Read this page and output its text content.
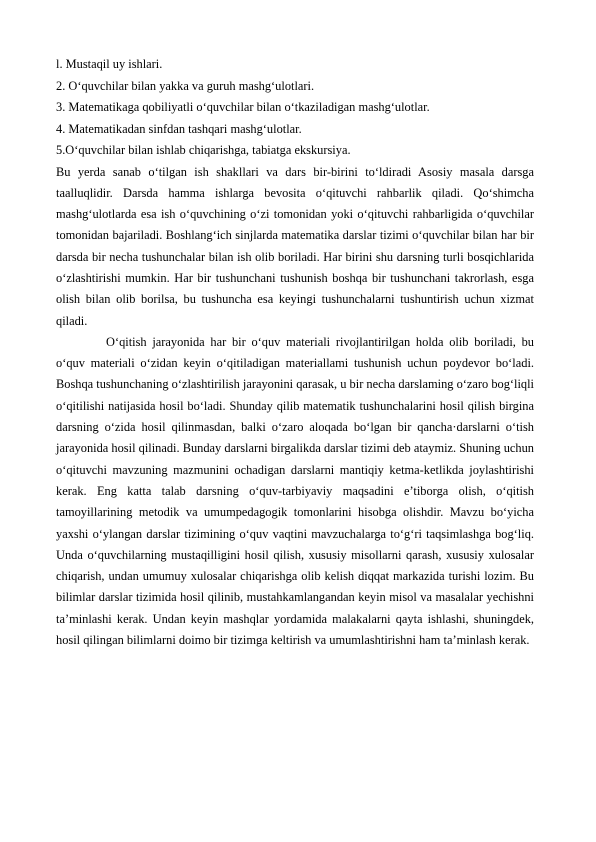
l. Mustaqil uy ishlari.
2. O‘quvchilar bilan yakka va guruh mashg‘ulotlari.
3. Matematikaga qobiliyatli o‘quvchilar bilan o‘tkaziladigan mashg‘ulotlar.
4. Matematikadan sinfdan tashqari mashg‘ulotlar.
5.O‘quvchilar bilan ishlab chiqarishga, tabiatga ekskursiya.

Bu yerda sanab o‘tilgan ish shakllari va dars bir-birini to‘ldiradi Asosiy masala darsga taalluqlidir. Darsda hamma ishlarga bevosita o‘qituvchi rahbarlik qiladi. Qo‘shimcha mashg‘ulotlarda esa ish o‘quvchining o‘zi tomonidan yoki o‘qituvchi rahbarligida o‘quvchilar tomonidan bajariladi. Boshlang‘ich sinjlarda matematika darslar tizimi o‘quvchilar bilan har bir darsda bir necha tushunchalar bilan ish olib boriladi. Har birini shu darsning turli bosqichlarida o‘zlashtirishi mumkin. Har bir tushunchani tushunish boshqa bir tushunchani takrorlash, esga olish bilan olib borilsa, bu tushuncha esa keyingi tushunchalarni tushuntirish uchun xizmat qiladi.

O‘qitish jarayonida har bir o‘quv materiali rivojlantirilgan holda olib boriladi, bu o‘quv materiali o‘zidan keyin o‘qitiladigan materiallami tushunish uchun poydevor bo‘ladi. Boshqa tushunchaning o‘zlashtirilish jarayonini qarasak, u bir necha darslaming o‘zaro bog‘liqli o‘qitilishi natijasida hosil bo‘ladi. Shunday qilib matematik tushunchalarini hosil qilish birgina darsning o‘zida hosil qilinmasdan, balki o‘zaro aloqada bo‘lgan bir qancha·darslarni o‘tish jarayonida hosil qilinadi. Bunday darslarni birgalikda darslar tizimi deb ataymiz. Shuning uchun o‘qituvchi mavzuning mazmunini ochadigan darslarni mantiqiy ketma-ketlikda joylashtirishi kerak. Eng katta talab darsning o‘quv-tarbiyaviy maqsadini e’tiborga olish, o‘qitish tamoyillarining metodik va umumpedagogik tomonlarini hisobga olishdir. Mavzu bo‘yicha yaxshi o‘ylangan darslar tizimining o‘quv vaqtini mavzuchalarga to‘g‘ri taqsimlashga bog‘liq. Unda o‘quvchilarning mustaqilligini hosil qilish, xususiy misollarni qarash, xususiy xulosalar chiqarish, undan umumuy xulosalar chiqarishga olib kelish diqqat markazida turishi lozim. Bu bilimlar darslar tizimida hosil qilinib, mustahkamlangandan keyin misol va masalalar yechishni ta’minlashi kerak. Undan keyin mashqlar yordamida malakalarni qayta ishlashi, shuningdek, hosil qilingan bilimlarni doimo bir tizimga keltirish va umumlashtirishni ham ta’minlash kerak.
